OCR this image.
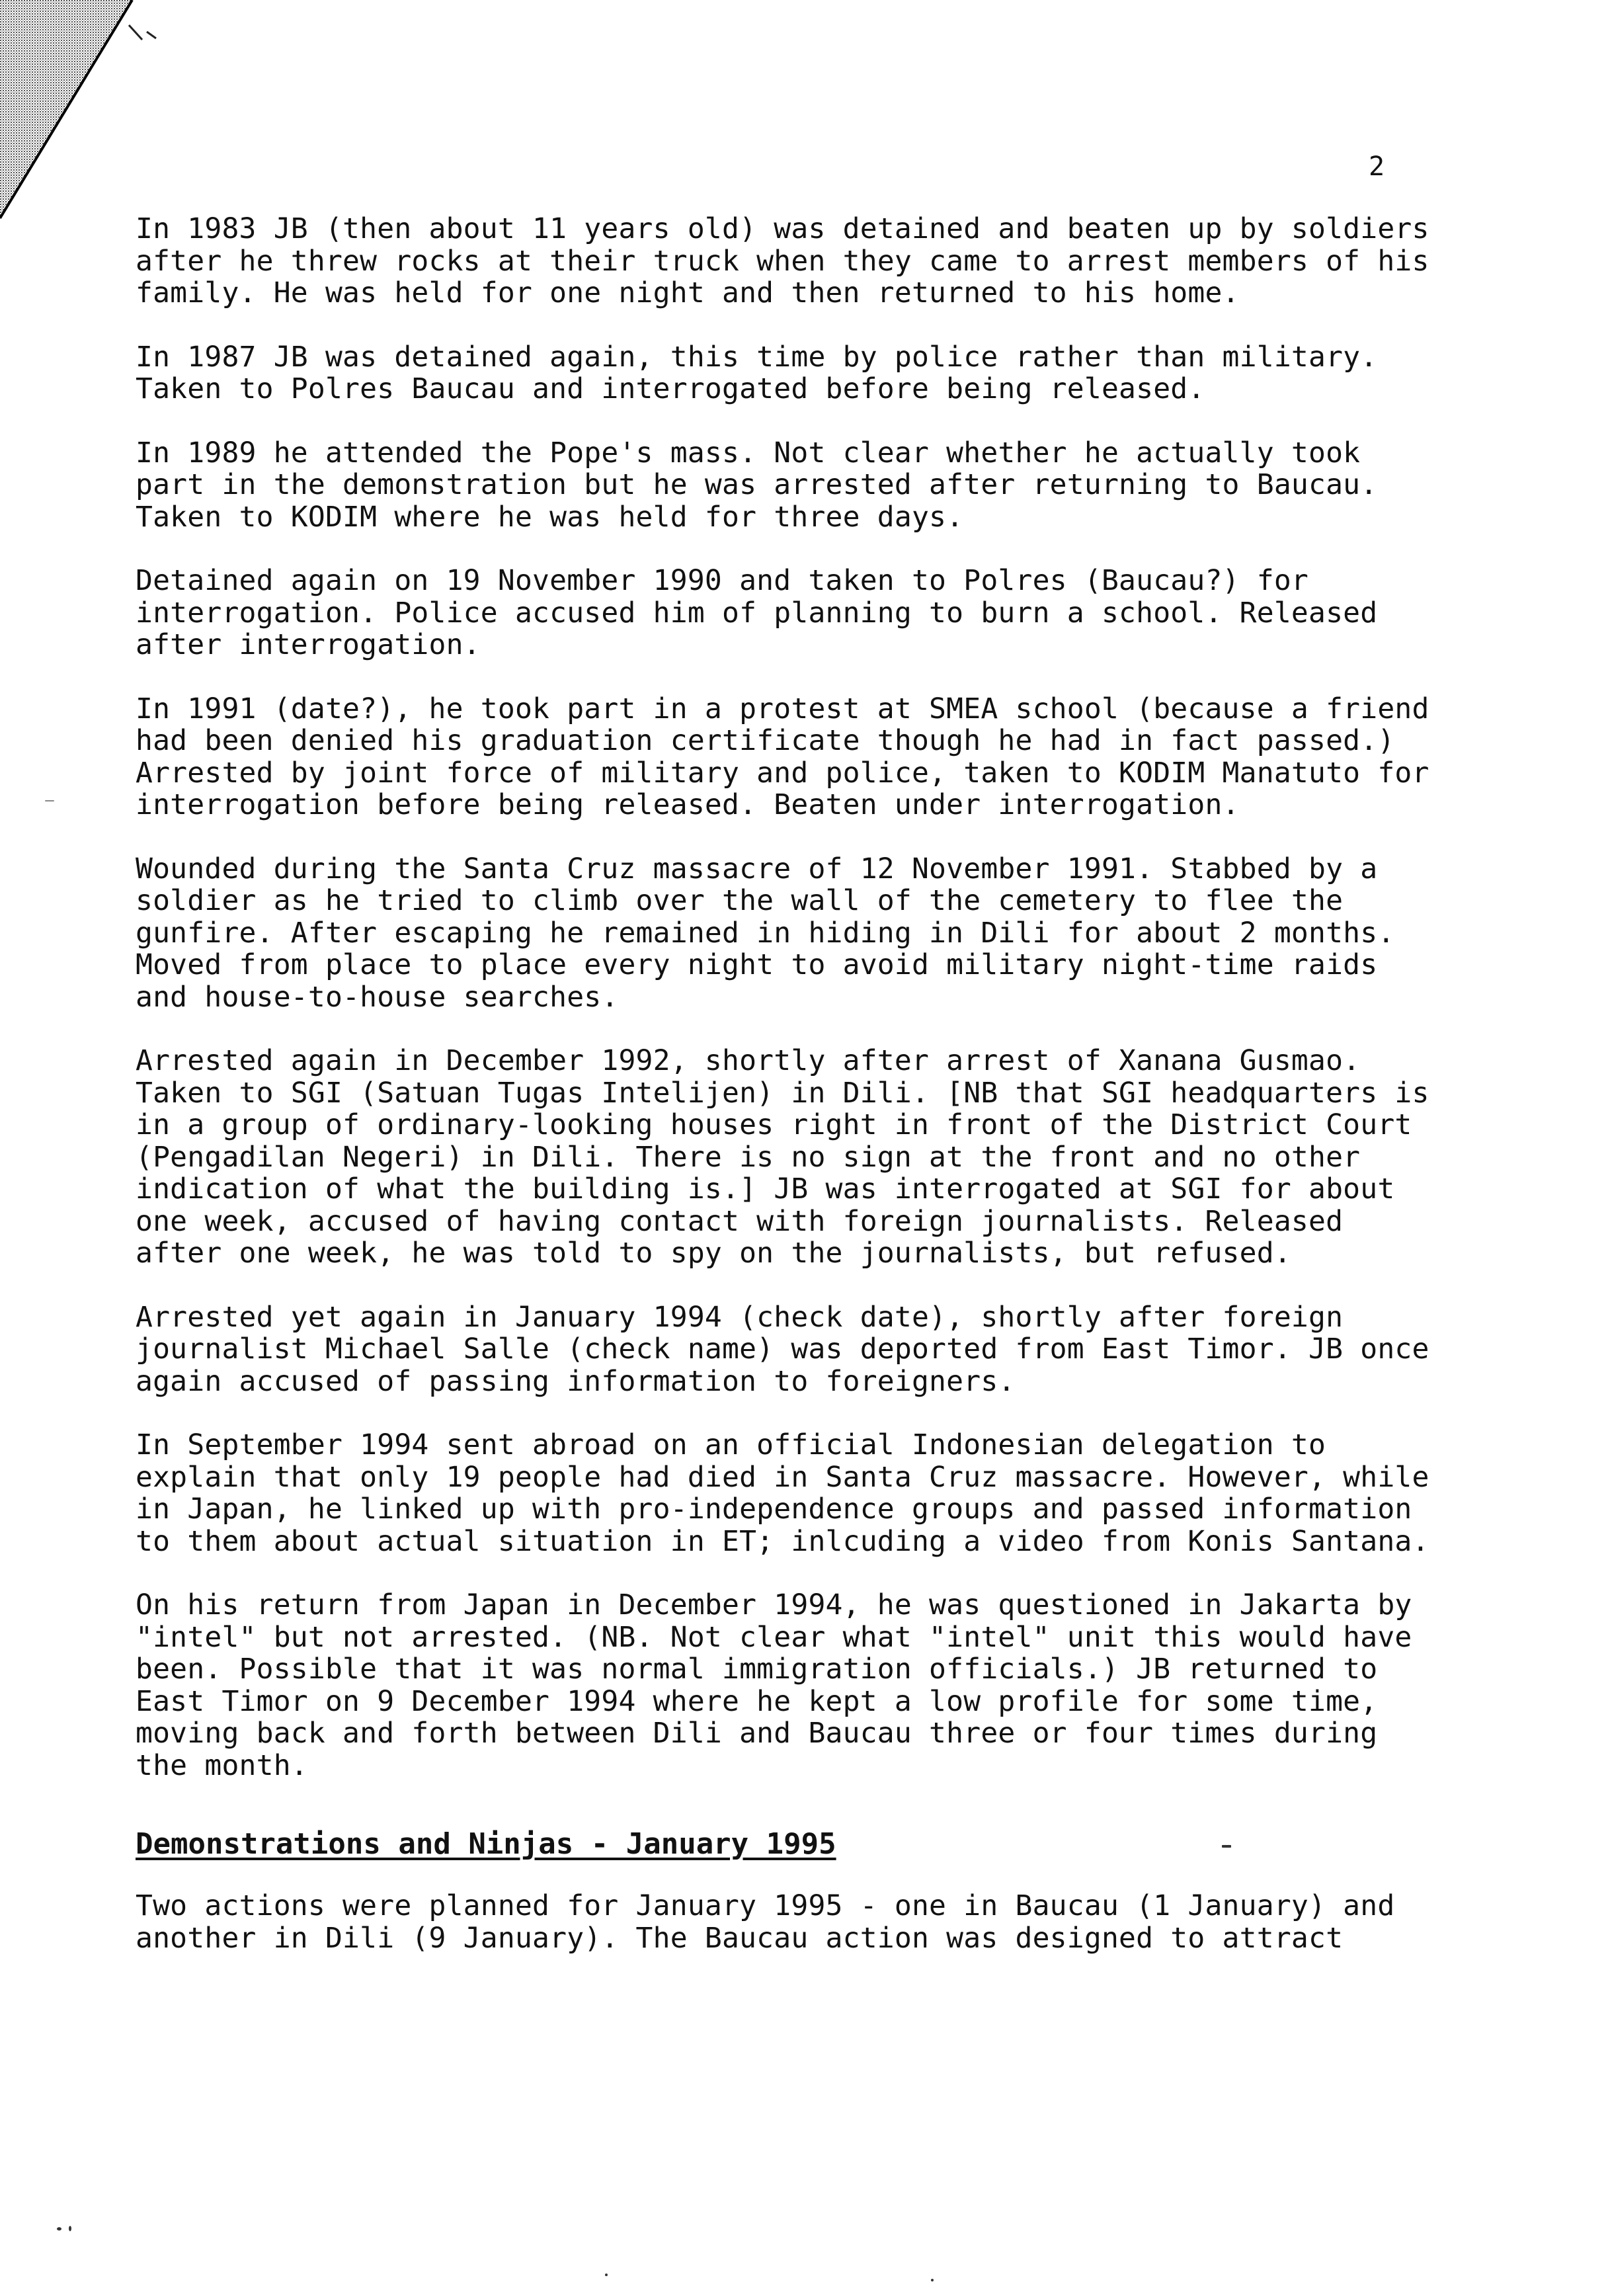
2

In 1983 JB (then about 11 years old) was detained and beaten up by soldiers after he threw rocks at their truck when they came to arrest members of his family. He was held for one night and then returned to his home.

In 1987 JB was detained again, this time by police rather than military. Taken to Polres Baucau and interrogated before being released.

In 1989 he attended the Pope's mass. Not clear whether he actually took part in the demonstration but he was arrested after returning to Baucau. Taken to KODIM where he was held for three days.

Detained again on 19 November 1990 and taken to Polres (Baucau?) for interrogation. Police accused him of planning to burn a school. Released after interrogation.

In 1991 (date?), he took part in a protest at SMEA school (because a friend had been denied his graduation certificate though he had in fact passed.) Arrested by joint force of military and police, taken to KODIM Manatuto for interrogation before being released. Beaten under interrogation.

Wounded during the Santa Cruz massacre of 12 November 1991. Stabbed by a soldier as he tried to climb over the wall of the cemetery to flee the gunfire. After escaping he remained in hiding in Dili for about 2 months. Moved from place to place every night to avoid military night-time raids and house-to-house searches.

Arrested again in December 1992, shortly after arrest of Xanana Gusmao. Taken to SGI (Satuan Tugas Intelijen) in Dili. [NB that SGI headquarters is in a group of ordinary-looking houses right in front of the District Court (Pengadilan Negeri) in Dili. There is no sign at the front and no other indication of what the building is.] JB was interrogated at SGI for about one week, accused of having contact with foreign journalists. Released after one week, he was told to spy on the journalists, but refused.

Arrested yet again in January 1994 (check date), shortly after foreign journalist Michael Salle (check name) was deported from East Timor. JB once again accused of passing information to foreigners.

In September 1994 sent abroad on an official Indonesian delegation to explain that only 19 people had died in Santa Cruz massacre. However, while in Japan, he linked up with pro-independence groups and passed information to them about actual situation in ET; inlcuding a video from Konis Santana.

On his return from Japan in December 1994, he was questioned in Jakarta by "intel" but not arrested. (NB. Not clear what "intel" unit this would have been. Possible that it was normal immigration officials.) JB returned to East Timor on 9 December 1994 where he kept a low profile for some time, moving back and forth between Dili and Baucau three or four times during the month.

Demonstrations and Ninjas - January 1995

Two actions were planned for January 1995 - one in Baucau (1 January) and another in Dili (9 January). The Baucau action was designed to attract
